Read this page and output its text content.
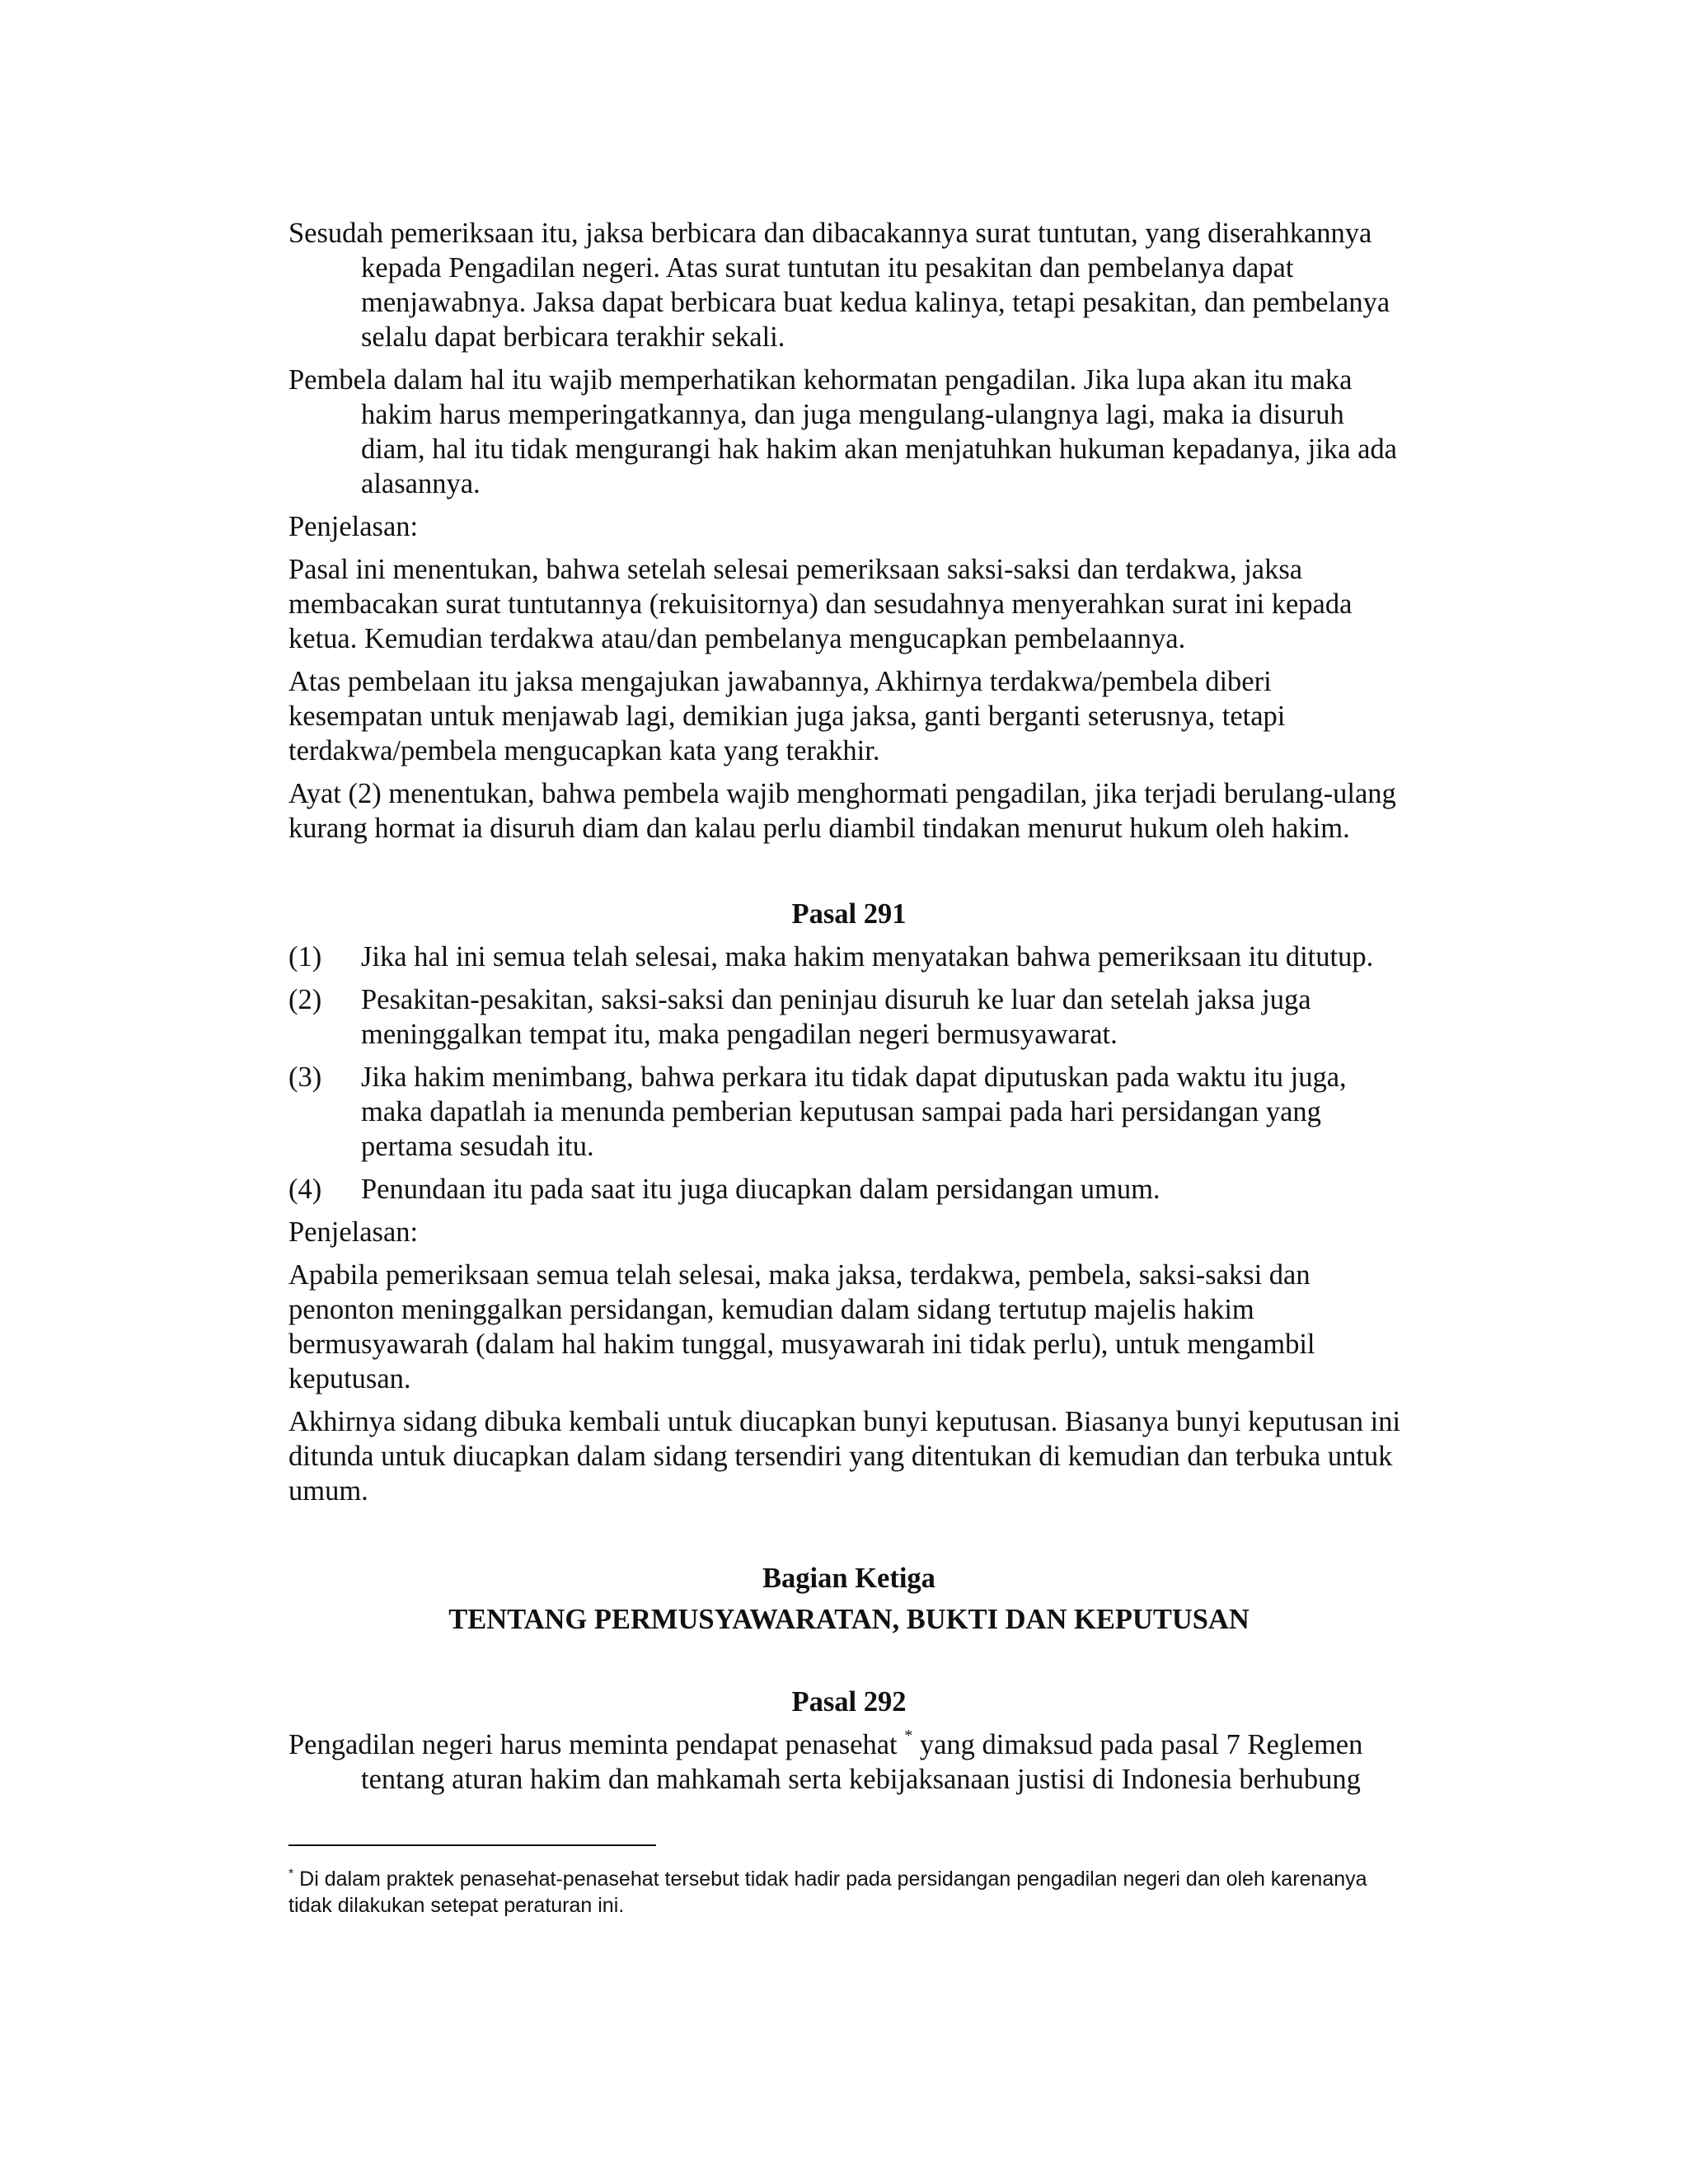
Sesudah pemeriksaan itu, jaksa berbicara dan dibacakannya surat tuntutan, yang diserahkannya kepada Pengadilan negeri. Atas surat tuntutan itu pesakitan dan pembelanya dapat menjawabnya. Jaksa dapat berbicara buat kedua kalinya, tetapi pesakitan, dan pembelanya selalu dapat berbicara terakhir sekali.

Pembela dalam hal itu wajib memperhatikan kehormatan pengadilan. Jika lupa akan itu maka hakim harus memperingatkannya, dan juga mengulang-ulangnya lagi, maka ia disuruh diam, hal itu tidak mengurangi hak hakim akan menjatuhkan hukuman kepadanya, jika ada alasannya.

Penjelasan:

Pasal ini menentukan, bahwa setelah selesai pemeriksaan saksi-saksi dan terdakwa, jaksa membacakan surat tuntutannya (rekuisitornya) dan sesudahnya menyerahkan surat ini kepada ketua. Kemudian terdakwa atau/dan pembelanya mengucapkan pembelaannya.

Atas pembelaan itu jaksa mengajukan jawabannya, Akhirnya terdakwa/pembela diberi kesempatan untuk menjawab lagi, demikian juga jaksa, ganti berganti seterusnya, tetapi terdakwa/pembela mengucapkan kata yang terakhir.

Ayat (2) menentukan, bahwa pembela wajib menghormati pengadilan, jika terjadi berulang-ulang kurang hormat ia disuruh diam dan kalau perlu diambil tindakan menurut hukum oleh hakim.

Pasal 291

(1)	Jika hal ini semua telah selesai, maka hakim menyatakan bahwa pemeriksaan itu ditutup.
(2)	Pesakitan-pesakitan, saksi-saksi dan peninjau disuruh ke luar dan setelah jaksa juga meninggalkan tempat itu, maka pengadilan negeri bermusyawarat.
(3)	Jika hakim menimbang, bahwa perkara itu tidak dapat diputuskan pada waktu itu juga, maka dapatlah ia menunda pemberian keputusan sampai pada hari persidangan yang pertama sesudah itu.
(4)	Penundaan itu pada saat itu juga diucapkan dalam persidangan umum.

Penjelasan:

Apabila pemeriksaan semua telah selesai, maka jaksa, terdakwa, pembela, saksi-saksi dan penonton meninggalkan persidangan, kemudian dalam sidang tertutup majelis hakim bermusyawarah (dalam hal hakim tunggal, musyawarah ini tidak perlu), untuk mengambil keputusan.

Akhirnya sidang dibuka kembali untuk diucapkan bunyi keputusan. Biasanya bunyi keputusan ini ditunda untuk diucapkan dalam sidang tersendiri yang ditentukan di kemudian dan terbuka untuk umum.

Bagian Ketiga

TENTANG PERMUSYAWARATAN, BUKTI DAN KEPUTUSAN

Pasal 292

Pengadilan negeri harus meminta pendapat penasehat * yang dimaksud pada pasal 7 Reglemen tentang aturan hakim dan mahkamah serta kebijaksanaan justisi di Indonesia berhubung

* Di dalam praktek penasehat-penasehat tersebut tidak hadir pada persidangan pengadilan negeri dan oleh karenanya tidak dilakukan setepat peraturan ini.
